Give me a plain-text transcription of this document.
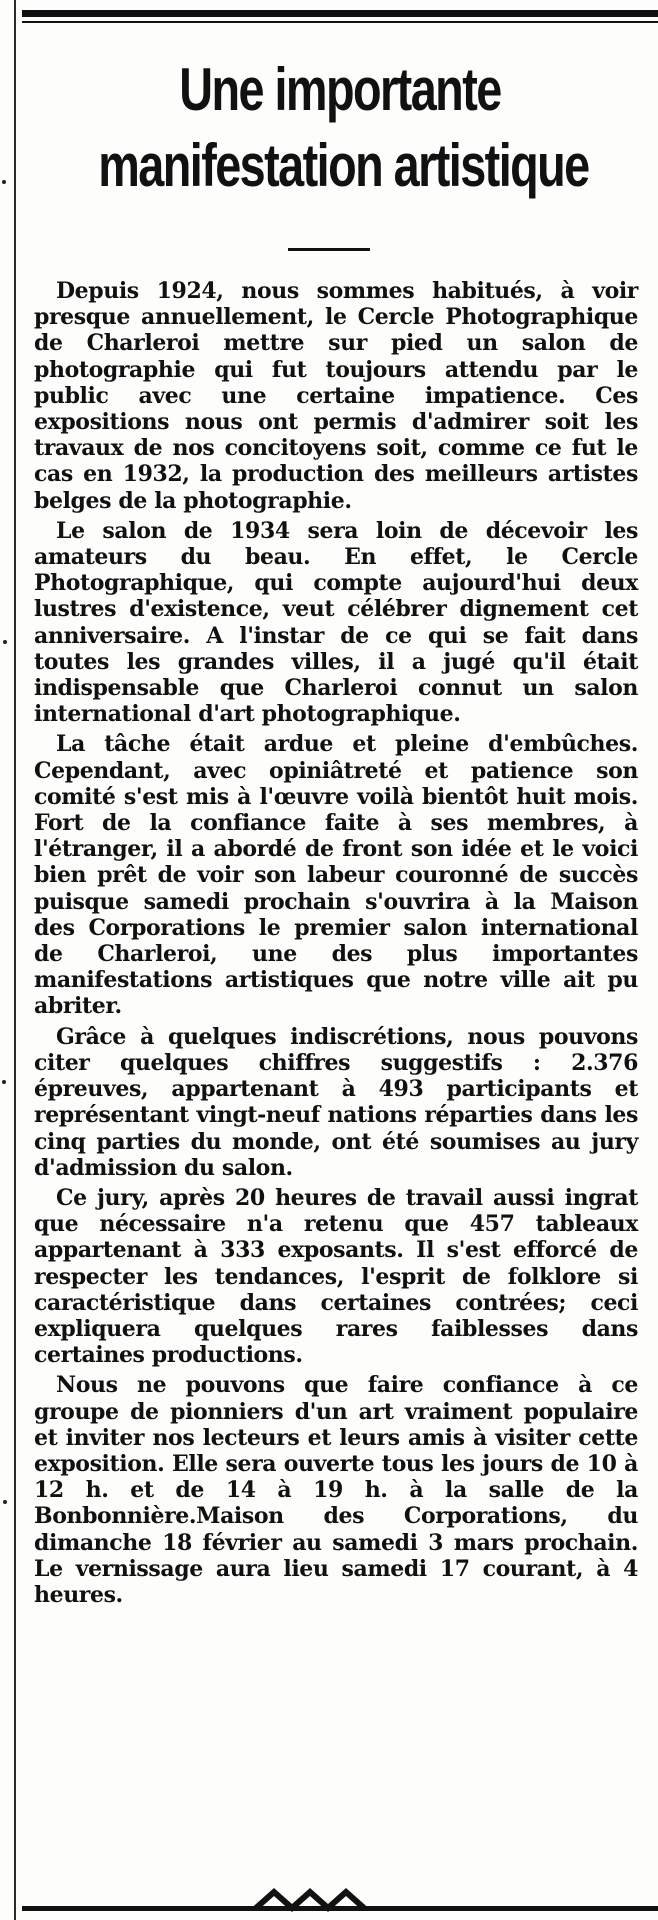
Une importante
manifestation artistique

Depuis 1924, nous sommes habitués, à voir presque annuellement, le Cercle Photographique de Charleroi mettre sur pied un salon de photographie qui fut toujours attendu par le public avec une certaine impatience. Ces expositions nous ont permis d'admirer soit les travaux de nos concitoyens soit, comme ce fut le cas en 1932, la production des meilleurs artistes belges de la photographie.

Le salon de 1934 sera loin de décevoir les amateurs du beau. En effet, le Cercle Photographique, qui compte aujourd'hui deux lustres d'existence, veut célébrer dignement cet anniversaire. A l'instar de ce qui se fait dans toutes les grandes villes, il a jugé qu'il était indispensable que Charleroi connut un salon international d'art photographique.

La tâche était ardue et pleine d'embûches. Cependant, avec opiniâtreté et patience son comité s'est mis à l'œuvre voilà bientôt huit mois. Fort de la confiance faite à ses membres, à l'étranger, il a abordé de front son idée et le voici bien prêt de voir son labeur couronné de succès puisque samedi prochain s'ouvrira à la Maison des Corporations le premier salon international de Charleroi, une des plus importantes manifestations artistiques que notre ville ait pu abriter.

Grâce à quelques indiscrétions, nous pouvons citer quelques chiffres suggestifs : 2.376 épreuves, appartenant à 493 participants et représentant vingt-neuf nations réparties dans les cinq parties du monde, ont été soumises au jury d'admission du salon.

Ce jury, après 20 heures de travail aussi ingrat que nécessaire n'a retenu que 457 tableaux appartenant à 333 exposants. Il s'est efforcé de respecter les tendances, l'esprit de folklore si caractéristique dans certaines contrées; ceci expliquera quelques rares faiblesses dans certaines productions.

Nous ne pouvons que faire confiance à ce groupe de pionniers d'un art vraiment populaire et inviter nos lecteurs et leurs amis à visiter cette exposition. Elle sera ouverte tous les jours de 10 à 12 h. et de 14 à 19 h. à la salle de la Bonbonnière.Maison des Corporations, du dimanche 18 février au samedi 3 mars prochain. Le vernissage aura lieu samedi 17 courant, à 4 heures.
